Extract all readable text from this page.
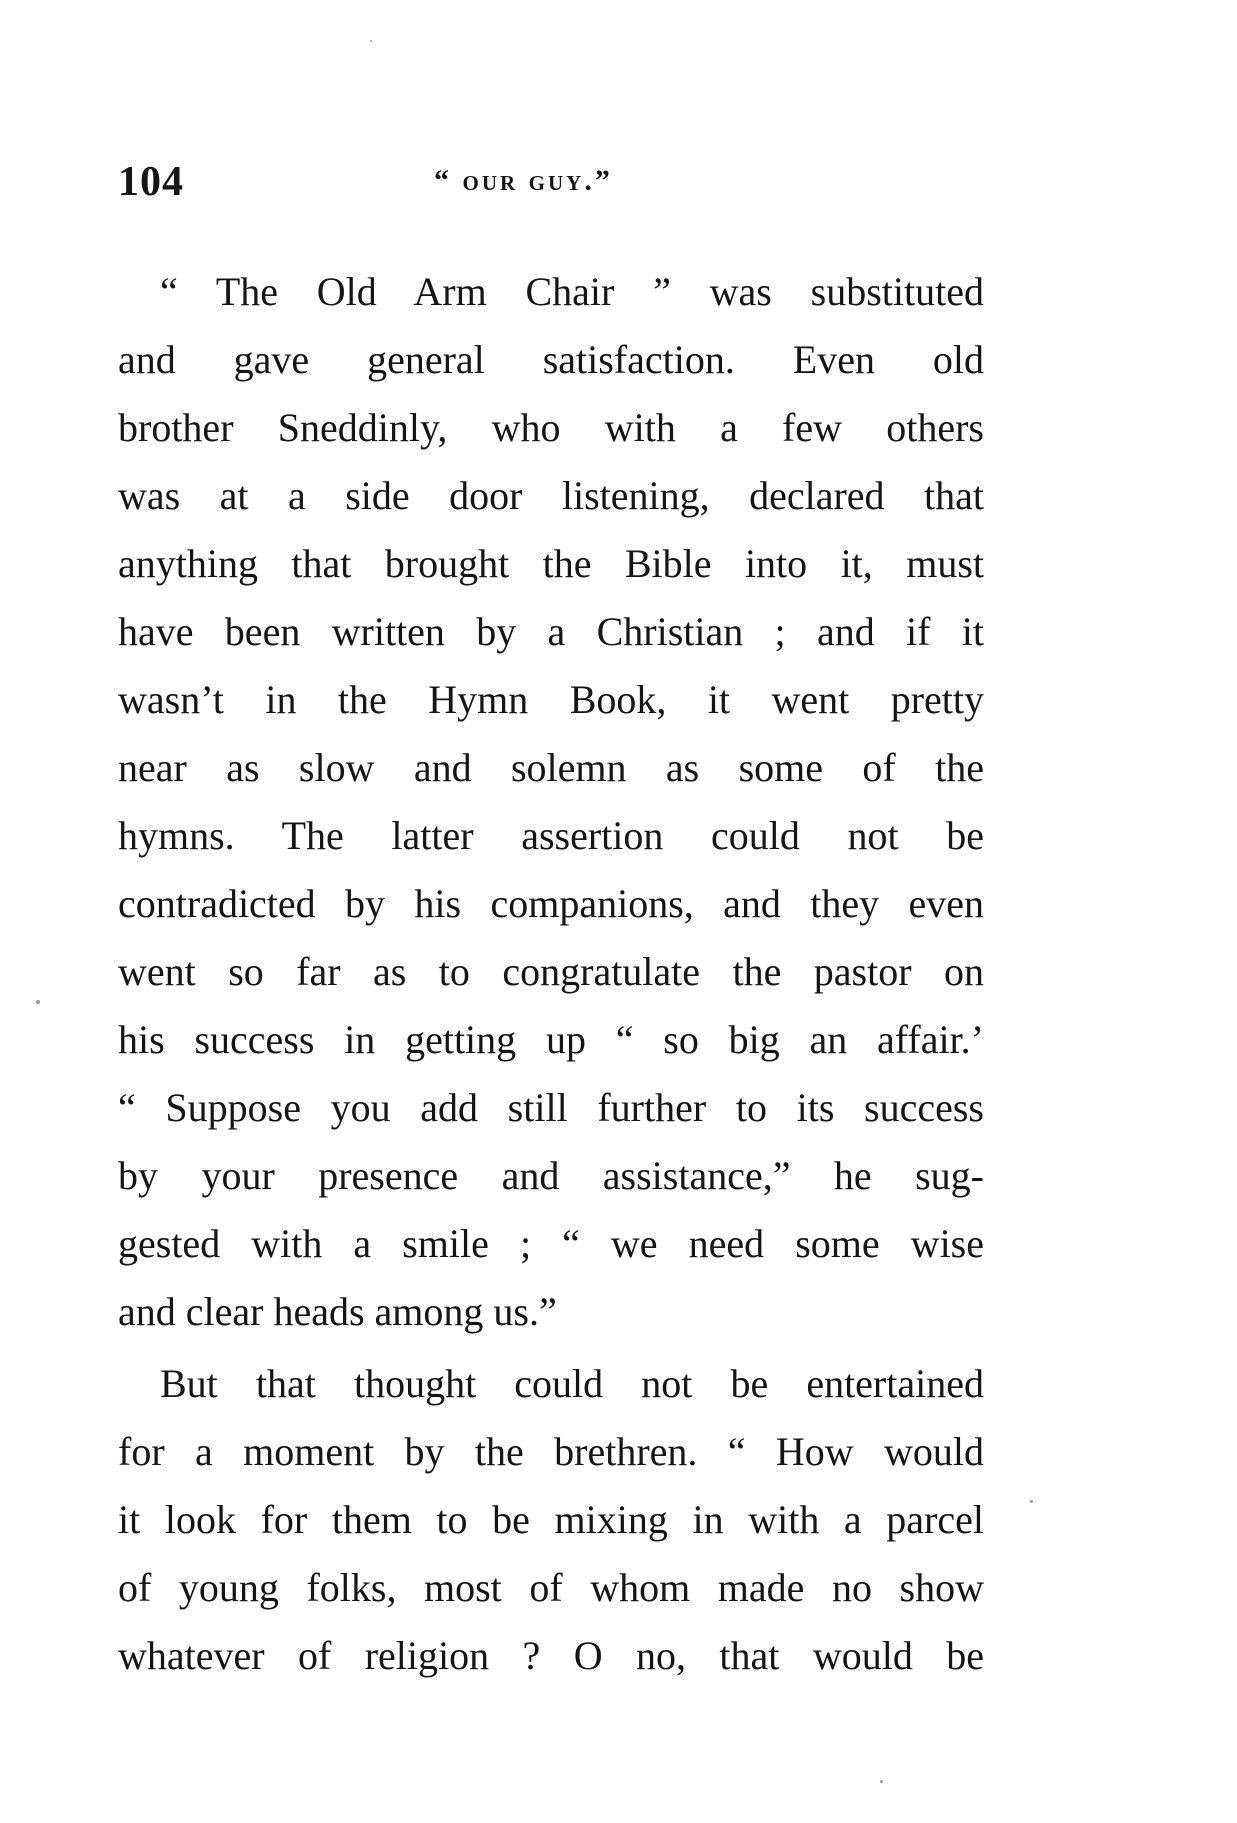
104	“ our guy.”
“ The Old Arm Chair ” was substituted
and gave general satisfaction. Even old
brother Sneddinly, who with a few others
was at a side door listening, declared that
anything that brought the Bible into it, must
have been written by a Christian ; and if it
wasn’t in the Hymn Book, it went pretty
near as slow and solemn as some of the
hymns. The latter assertion could not be
contradicted by his companions, and they even
went so far as to congratulate the pastor on
his success in getting up “ so big an affair.’
“ Suppose you add still further to its success
by your presence and assistance,” he sug-
gested with a smile ; “ we need some wise
and clear heads among us.”
But that thought could not be entertained
for a moment by the brethren. “ How would
it look for them to be mixing in with a parcel
of young folks, most of whom made no show
whatever of religion ? O no, that would be
